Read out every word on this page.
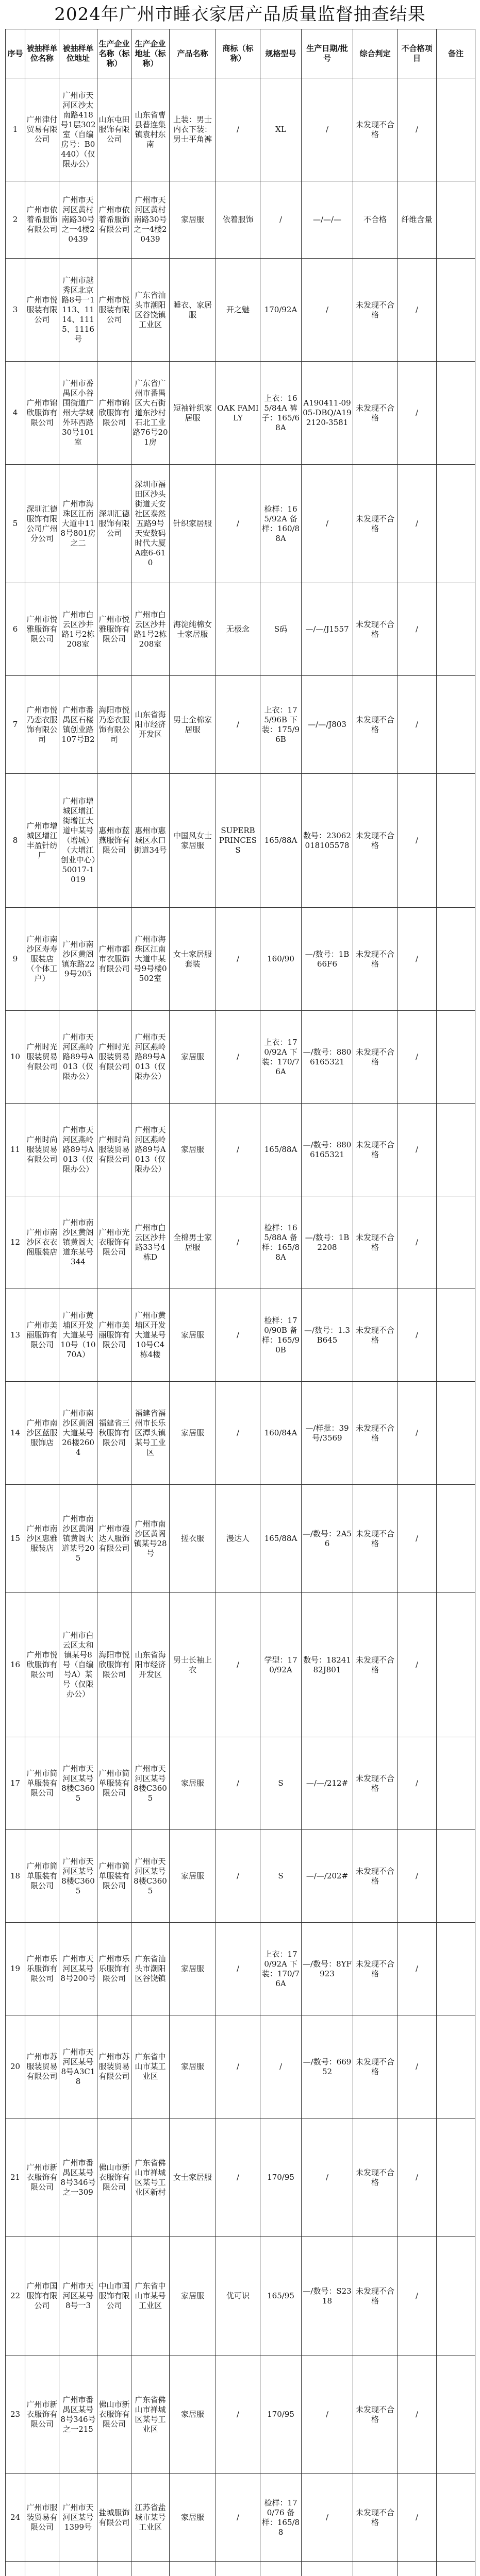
2024年广州市睡衣家居产品质量监督抽查结果
序号	被抽样单位名称	被抽样单位地址	生产企业名称（标称）	生产企业地址（标称）	产品名称	商标（标称）	规格型号	生产日期/批号	综合判定	不合格项目	备注
1	广州津付贸易有限公司	广州市天河区沙太南路418号1层302室（自编房号：B0440）（仅限办公）	山东屯田服饰有限公司	山东省曹县普连集镇袁村东南	上装：男士内衣下装：男士平角裤	/	XL	/	未发现不合格	/	
2	广州市依着希服饰有限公司	广州市天河区黄村南路30号之一4楼20439	广州市依着希服饰有限公司	广州市天河区黄村南路30号之一4楼20439	家居服	依着服饰	/	—/—/—	不合格	纤维含量	
3	广州市悦服装有限公司	广州市越秀区北京路8号一1113、1114、1115、1116号	广州市悦服装有限公司	广东省汕头市潮阳区谷饶镇工业区	睡衣、家居服	开之魅	170/92A	/	未发现不合格	/	
4	广州市锦欣服饰有限公司	广州市番禺区小谷围街道广州大学城外环西路30号101室	广州市锦欣服饰有限公司	广东省广州市番禺区大石街道东沙村石北工业路76号201房	短袖针织家居服	OAK FAMILY	上衣：165/84A 裤子：165/68A	A190411-0905-DBQ/A192120-3581	未发现不合格	/	
5	深圳汇德服饰有限公司广州分公司	广州市海珠区江南大道中118号801房之二	深圳汇德服饰有限公司	深圳市福田区沙头街道天安社区泰然五路9号天安数码时代大厦A座6-610	针织家居服	/	检样：165/92A 备样：160/88A	/	未发现不合格	/	
6	广州市悦雅服饰有限公司	广州市白云区沙井路1号2栋208室	广州市悦雅服饰有限公司	广州市白云区沙井路1号2栋208室	海淀纯棉女士家居服	无极念	S码	—/—/J1557	未发现不合格	/	
7	广州市悦乃恋衣服饰有限公司	广州市番禺区石楼镇创业路107号B2	海阳市悦乃恋衣服饰有限公司	山东省海阳市经济开发区	男士全棉家居服	/	上衣：175/96B 下装：175/96B	—/—/J803	未发现不合格	/	
8	广州市增城区增江丰盈针纺厂	广州市增城区增江街增江大道中某号（增城）（大增江创业中心）50017-1019	惠州市蓝燕服饰有限公司	惠州市惠城区水口街道34号	中国风女士家居服	SUPERB PRINCESS	165/88A	数号：23062018105578	未发现不合格	/	
9	广州市南沙区寿寿服装店（个体工户）	广州市南沙区黄阁镇东路229号205	广州市都市衣服饰有限公司	广州市海珠区江南大道中某号9号楼0502室	女士家居服套装	/	160/90	—/数号：1B66F6	未发现不合格	/	
10	广州时光服装贸易有限公司	广州市天河区燕岭路89号A013（仅限办公）	广州时光服装贸易有限公司	广州市天河区燕岭路89号A013（仅限办公）	家居服	/	上衣：170/92A 下装：170/76A	—/数号：8806165321	未发现不合格	/	
11	广州时尚服装贸易有限公司	广州市天河区燕岭路89号A013（仅限办公）	广州时尚服装贸易有限公司	广州市天河区燕岭路89号A013（仅限办公）	家居服	/	165/88A	—/数号：8806165321	未发现不合格	/	
12	广州市南沙区衣衣阁服装店	广州市南沙区黄阁镇黄阁大道东某号344	广州市光衣服饰有限公司	广州市白云区沙井路33号4栋D	全棉男士家居服	/	检样：165/88A 备样：165/88A	—/数号：1B2208	未发现不合格	/	
13	广州市美丽服饰有限公司	广州市黄埔区开发大道某号10号（1070A）	广州市美丽服饰有限公司	广州市黄埔区开发大道某号10号C4栋4楼	家居服	/	检样：170/90B 备样：165/90B	—/数号：1.3B645	未发现不合格	/	
14	广州市南沙区蓝服服饰店	广州市南沙区黄阁大道某号26楼2604	福建省三秋服饰有限公司	福建省福州市长乐区潭头镇某号工业区	家居服	/	160/84A	—/样批：39号/3569	未发现不合格	/	
15	广州市南沙区惠雅服装店	广州市南沙区黄阁镇黄阁大道某号205	广州市漫达人服饰有限公司	广州市南沙区黄阁镇某号28号	搓衣服	漫达人	165/88A	—/数号：2A56	未发现不合格	/	
16	广州市悦欣服饰有限公司	广州市白云区太和镇某号8号（自编号A）某号（仅限办公）	海阳市悦欣服饰有限公司	山东省海阳市经济开发区	男士长袖上衣	/	学型：170/92A	数号：1824182J801	未发现不合格	/	
17	广州市简单服装有限公司	广州市天河区某号8楼C3605	广州市简单服装有限公司	广州市天河区某号8楼C3605	家居服	/	S	—/—/212#	未发现不合格	/	
18	广州市简单服装有限公司	广州市天河区某号8楼C3605	广州市简单服装有限公司	广州市天河区某号8楼C3605	家居服	/	S	—/—/202#	未发现不合格	/	
19	广州市乐乐服饰有限公司	广州市天河区某号8号200号	广州市乐乐服饰有限公司	广东省汕头市潮阳区谷饶镇	家居服	/	上衣：170/92A 下装：170/76A	—/数号：8YF923	未发现不合格	/	
20	广州市苏服装贸易有限公司	广州市天河区某号8号A3C18	广州市苏服装贸易有限公司	广东省中山市某工业区	家居服	/	/	—/数号：66952	未发现不合格	/	
21	广州市新衣服饰有限公司	广州市番禺区某号8号346号之一309	佛山市新衣服饰有限公司	广东省佛山市禅城区某号工业区新村	女士家居服	/	170/95	/	未发现不合格	/	
22	广州市国服饰有限公司	广州市天河区某号8号一3	中山市国服饰有限公司	广东省中山市某号工业区	家居服	优可识	165/95	—/数号：S2318	未发现不合格	/	
23	广州市新衣服饰有限公司	广州市番禺区某号8号346号之一215	佛山市新衣服饰有限公司	广东省佛山市禅城区某号工业区	家居服	/	170/95	/	未发现不合格	/	
24	广州市服装贸易有限公司	广州市天河区某号1399号	盐城服饰有限公司	江苏省盐城市某号工业区	家居服	/	检样：170/76 备样：165/88	/	未发现不合格	/	
